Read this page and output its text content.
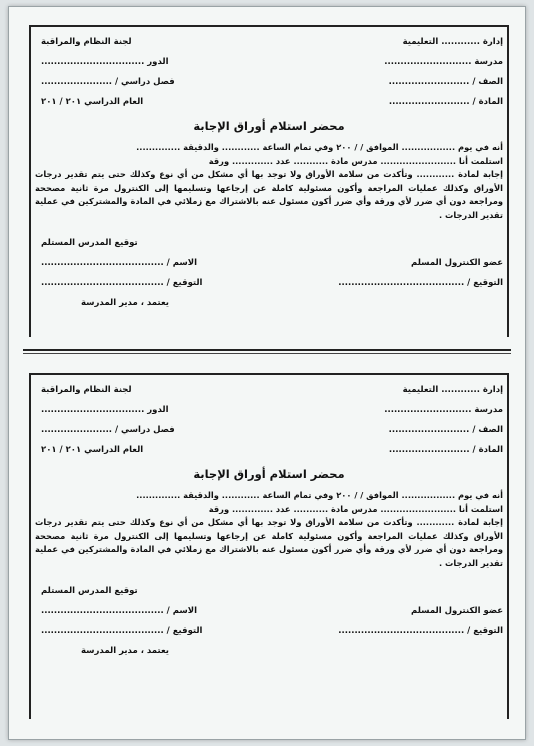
إدارة ............ التعليمية
مدرسة ...........................
الصف / .........................
المادة / .........................
لجنة النظام والمراقبة
الدور ................................
فصل دراسي / ......................
العام الدراسي ٢٠١ / ٢٠١
محضر استلام أوراق الإجابة
أنه في يوم ................. الموافق / / ٢٠٠ وفي تمام الساعة ............ والدقيقة ..............
استلمت أنا ........................ مدرس مادة ........... عدد ............. ورقة
إجابة لمادة ............ وتأكدت من سلامة الأوراق ولا توجد بها أي مشكل من أي نوع وكذلك حتى يتم تقدير درجات الأوراق وكذلك عمليات المراجعة وأكون مسئولية كاملة عن إرجاعها وتسليمها إلى الكنترول مرة ثانية مصححة ومراجعة دون أي ضرر لأي ورقة وأي ضرر أكون مسئول عنه بالاشتراك مع زملائي في المادة والمشتركين في عملية تقدير الدرجات .
توقيع المدرس المستلم
الاسم / ......................................
التوقيع / ......................................
يعتمد ، مدير المدرسة
عضو الكنترول المسلم
التوقيع / .......................................
إدارة ............ التعليمية
مدرسة ...........................
الصف / .........................
المادة / .........................
لجنة النظام والمراقبة
الدور ................................
فصل دراسي / ......................
العام الدراسي ٢٠١ / ٢٠١
محضر استلام أوراق الإجابة
أنه في يوم ................. الموافق / / ٢٠٠ وفي تمام الساعة ............ والدقيقة ..............
استلمت أنا ........................ مدرس مادة ........... عدد ............. ورقة
إجابة لمادة ............ وتأكدت من سلامة الأوراق ولا توجد بها أي مشكل من أي نوع وكذلك حتى يتم تقدير درجات الأوراق وكذلك عمليات المراجعة وأكون مسئولية كاملة عن إرجاعها وتسليمها إلى الكنترول مرة ثانية مصححة ومراجعة دون أي ضرر لأي ورقة وأي ضرر أكون مسئول عنه بالاشتراك مع زملائي في المادة والمشتركين في عملية تقدير الدرجات .
توقيع المدرس المستلم
الاسم / ......................................
التوقيع / ......................................
يعتمد ، مدير المدرسة
عضو الكنترول المسلم
التوقيع / .......................................
